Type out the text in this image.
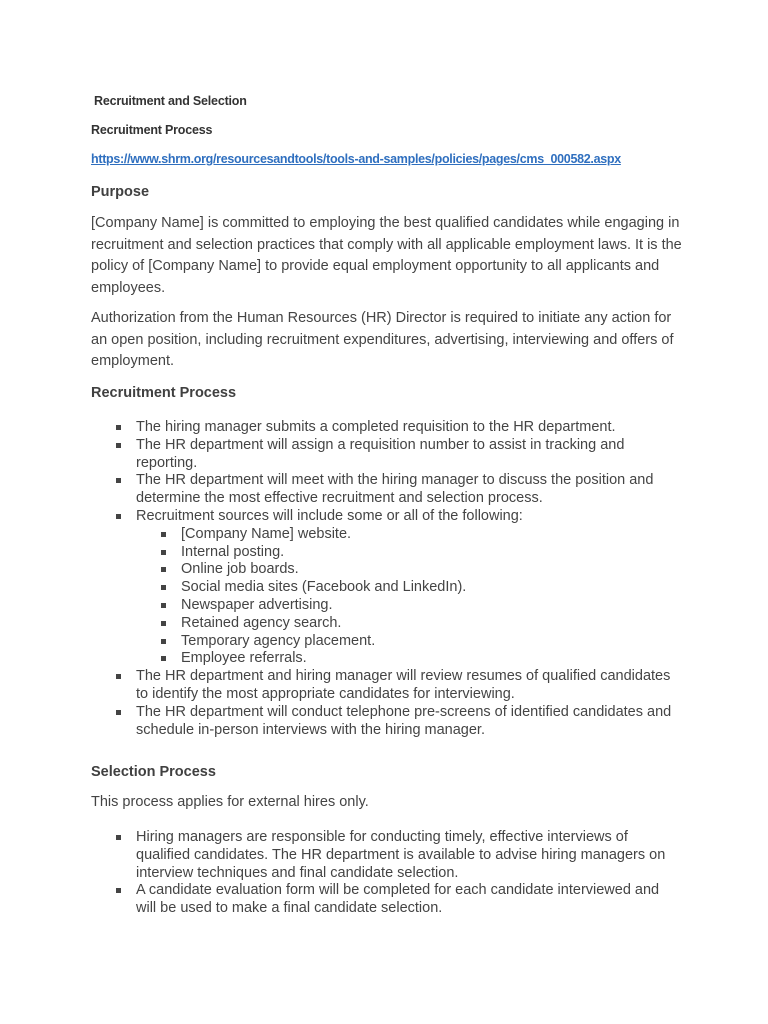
Recruitment and Selection
Recruitment Process
https://www.shrm.org/resourcesandtools/tools-and-samples/policies/pages/cms_000582.aspx
Purpose

[Company Name] is committed to employing the best qualified candidates while engaging in recruitment and selection practices that comply with all applicable employment laws. It is the policy of [Company Name] to provide equal employment opportunity to all applicants and employees.

Authorization from the Human Resources (HR) Director is required to initiate any action for an open position, including recruitment expenditures, advertising, interviewing and offers of employment.

Recruitment Process
The hiring manager submits a completed requisition to the HR department.
The HR department will assign a requisition number to assist in tracking and reporting.
The HR department will meet with the hiring manager to discuss the position and determine the most effective recruitment and selection process.
Recruitment sources will include some or all of the following:
[Company Name] website.
Internal posting.
Online job boards.
Social media sites (Facebook and LinkedIn).
Newspaper advertising.
Retained agency search.
Temporary agency placement.
Employee referrals.
The HR department and hiring manager will review resumes of qualified candidates to identify the most appropriate candidates for interviewing.
The HR department will conduct telephone pre-screens of identified candidates and schedule in-person interviews with the hiring manager.
Selection Process

This process applies for external hires only.

Hiring managers are responsible for conducting timely, effective interviews of qualified candidates. The HR department is available to advise hiring managers on interview techniques and final candidate selection.
A candidate evaluation form will be completed for each candidate interviewed and will be used to make a final candidate selection.
